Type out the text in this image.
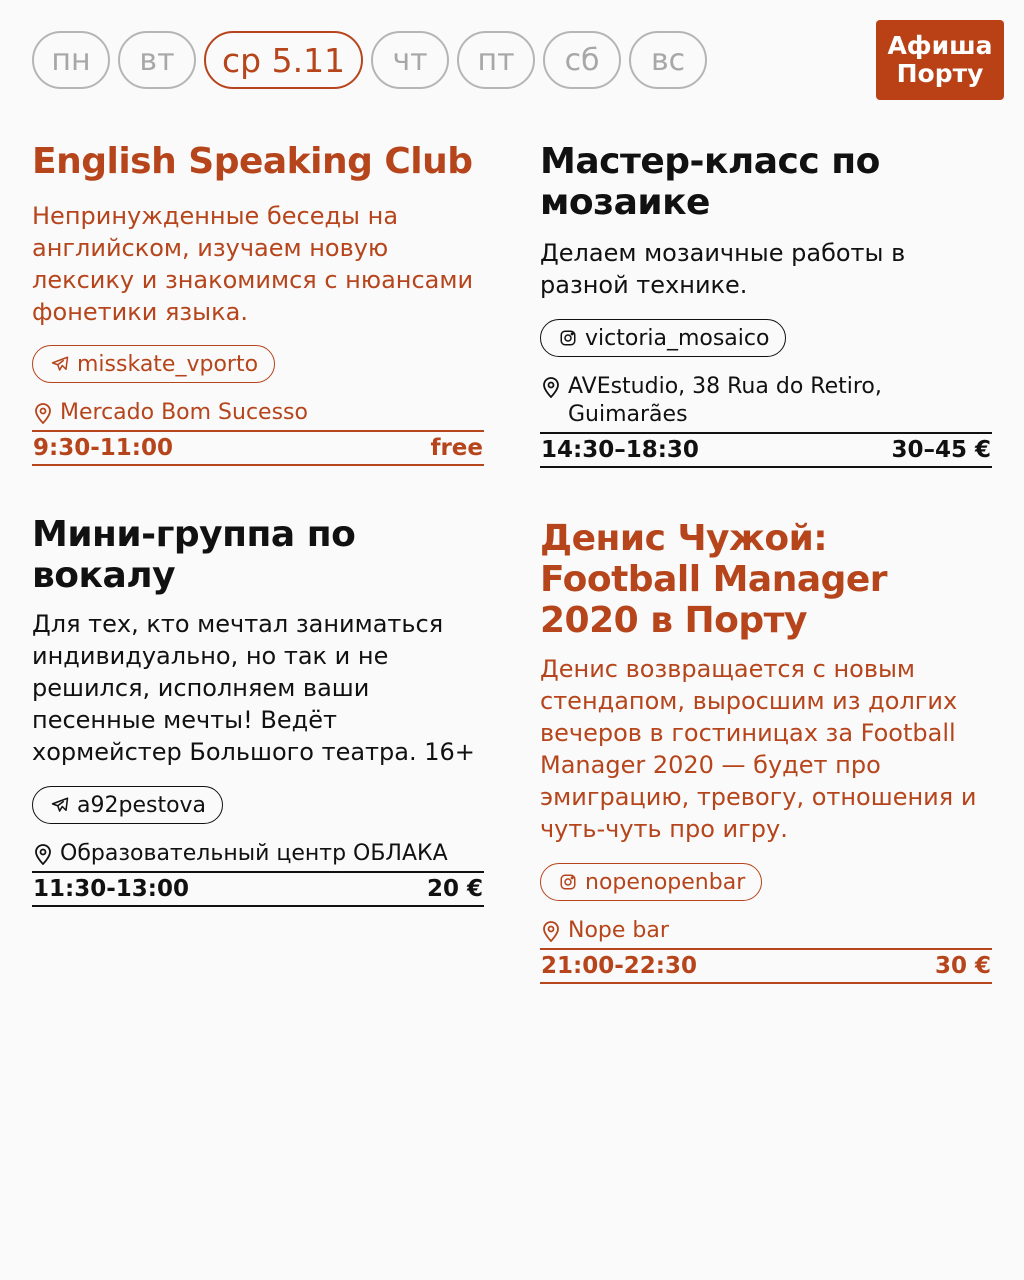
пн	вт	ср 5.11	чт	пт	сб	вс	Афиша
Порту
English Speaking Club
Непринужденные беседы на английском, изучаем новую лексику и знакомимся с нюансами фонетики языка.
misskate_vporto
Mercado Bom Sucesso
9:30-11:00	free
Мастер-класс по мозаике
Делаем мозаичные работы в разной технике.
victoria_mosaico
AVEstudio, 38 Rua do Retiro, Guimarães
14:30–18:30	30–45 €
Мини-группа по вокалу
Для тех, кто мечтал заниматься индивидуально, но так и не решился, исполняем ваши песенные мечты! Ведёт хормейстер Большого театра. 16+
a92pestova
Образовательный центр ОБЛАКА
11:30-13:00	20 €
Денис Чужой: Football Manager 2020 в Порту
Денис возвращается с новым стендапом, выросшим из долгих вечеров в гостиницах за Football Manager 2020 — будет про эмиграцию, тревогу, отношения и чуть-чуть про игру.
nopenopenbar
Nope bar
21:00-22:30	30 €
